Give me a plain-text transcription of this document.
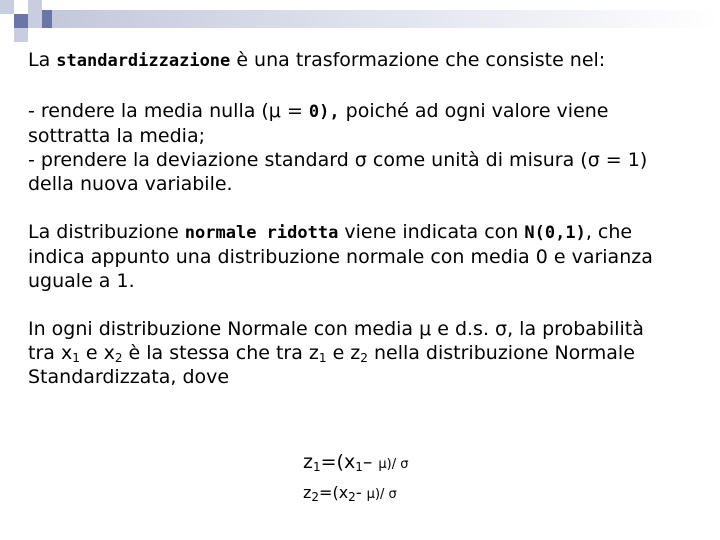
La standardizzazione è una trasformazione che consiste nel:

- rendere la media nulla (μ = 0), poiché ad ogni valore viene
sottratta la media;
- prendere la deviazione standard σ come unità di misura (σ = 1)
della nuova variabile.

La distribuzione normale ridotta viene indicata con N(0,1), che
indica appunto una distribuzione normale con media 0 e varianza
uguale a 1.

In ogni distribuzione Normale con media μ e d.s. σ, la probabilità
tra $x_1$ e $x_2$ è la stessa che tra $z_1$ e $z_2$ nella distribuzione Normale
Standardizzata, dove

$z_1=(x_1-$ μ)/ σ
$z_2=(x_2-$ μ)/ σ
